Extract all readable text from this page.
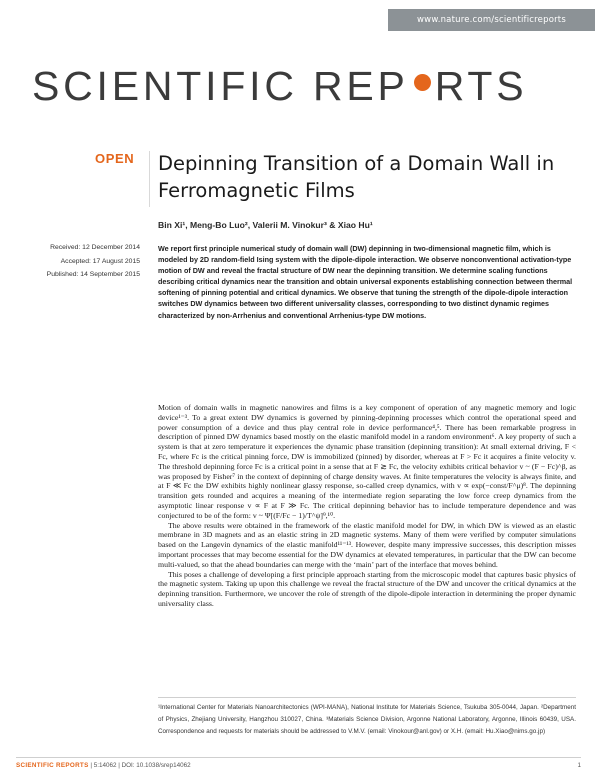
www.nature.com/scientificreports
SCIENTIFIC REP RTS
OPEN Depinning Transition of a Domain Wall in Ferromagnetic Films
Bin Xi¹, Meng-Bo Luo², Valerii M. Vinokur³ & Xiao Hu¹
Received: 12 December 2014
Accepted: 17 August 2015
Published: 14 September 2015

We report first principle numerical study of domain wall (DW) depinning in two-dimensional magnetic film, which is modeled by 2D random-field Ising system with the dipole-dipole interaction. We observe nonconventional activation-type motion of DW and reveal the fractal structure of DW near the depinning transition. We determine scaling functions describing critical dynamics near the transition and obtain universal exponents establishing connection between thermal softening of pinning potential and critical dynamics. We observe that tuning the strength of the dipole-dipole interaction switches DW dynamics between two different universality classes, corresponding to two distinct dynamic regimes characterized by non-Arrhenius and conventional Arrhenius-type DW motions.

Motion of domain walls in magnetic nanowires and films is a key component of operation of any magnetic memory and logic device¹⁻³. To a great extent DW dynamics is governed by pinning-depinning processes which control the operational speed and power consumption of a device and thus play central role in device performance⁴,⁵. There has been remarkable progress in description of pinned DW dynamics based mostly on the elastic manifold model in a random environment⁶. A key property of such a system is that at zero temperature it experiences the dynamic phase transition (depinning transition): At small external driving, F < Fc, where Fc is the critical pinning force, DW is immobilized (pinned) by disorder, whereas at F > Fc it acquires a finite velocity v. The threshold depinning force Fc is a critical point in a sense that at F ≳ Fc, the velocity exhibits critical behavior v ~ (F − Fc)^β, as was proposed by Fisher⁷ in the context of depinning of charge density waves. At finite temperatures the velocity is always finite, and at F ≪ Fc the DW exhibits highly nonlinear glassy response, so-called creep dynamics, with v ∝ exp(−const/F^μ)⁸. The depinning transition gets rounded and acquires a meaning of the intermediate region separating the low force creep dynamics from the asymptotic linear response v ∝ F at F ≫ Fc. The critical depinning behavior has to include temperature dependence and was conjectured to be of the form: v ~ Ψ[(F/Fc − 1)/T^ψ]⁹,¹⁰.

The above results were obtained in the framework of the elastic manifold model for DW, in which DW is viewed as an elastic membrane in 3D magnets and as an elastic string in 2D magnetic systems. Many of them were verified by computer simulations based on the Langevin dynamics of the elastic manifold¹¹⁻¹³. However, despite many impressive successes, this description misses important processes that may become essential for the DW dynamics at elevated temperatures, in particular that the DW can become multi-valued, so that the ahead boundaries can merge with the ‘main’ part of the interface that moves behind.

This poses a challenge of developing a first principle approach starting from the microscopic model that captures basic physics of the magnetic system. Taking up upon this challenge we reveal the fractal structure of the DW and uncover the critical dynamics at the depinning transition. Furthermore, we uncover the role of strength of the dipole-dipole interaction in determining the proper dynamic universality class.

¹International Center for Materials Nanoarchitectonics (WPI-MANA), National Institute for Materials Science, Tsukuba 305-0044, Japan. ²Department of Physics, Zhejiang University, Hangzhou 310027, China. ³Materials Science Division, Argonne National Laboratory, Argonne, Illinois 60439, USA. Correspondence and requests for materials should be addressed to V.M.V. (email: Vinokour@anl.gov) or X.H. (email: Hu.Xiao@nims.go.jp)
SCIENTIFIC REPORTS | 5:14062 | DOI: 10.1038/srep14062	1
